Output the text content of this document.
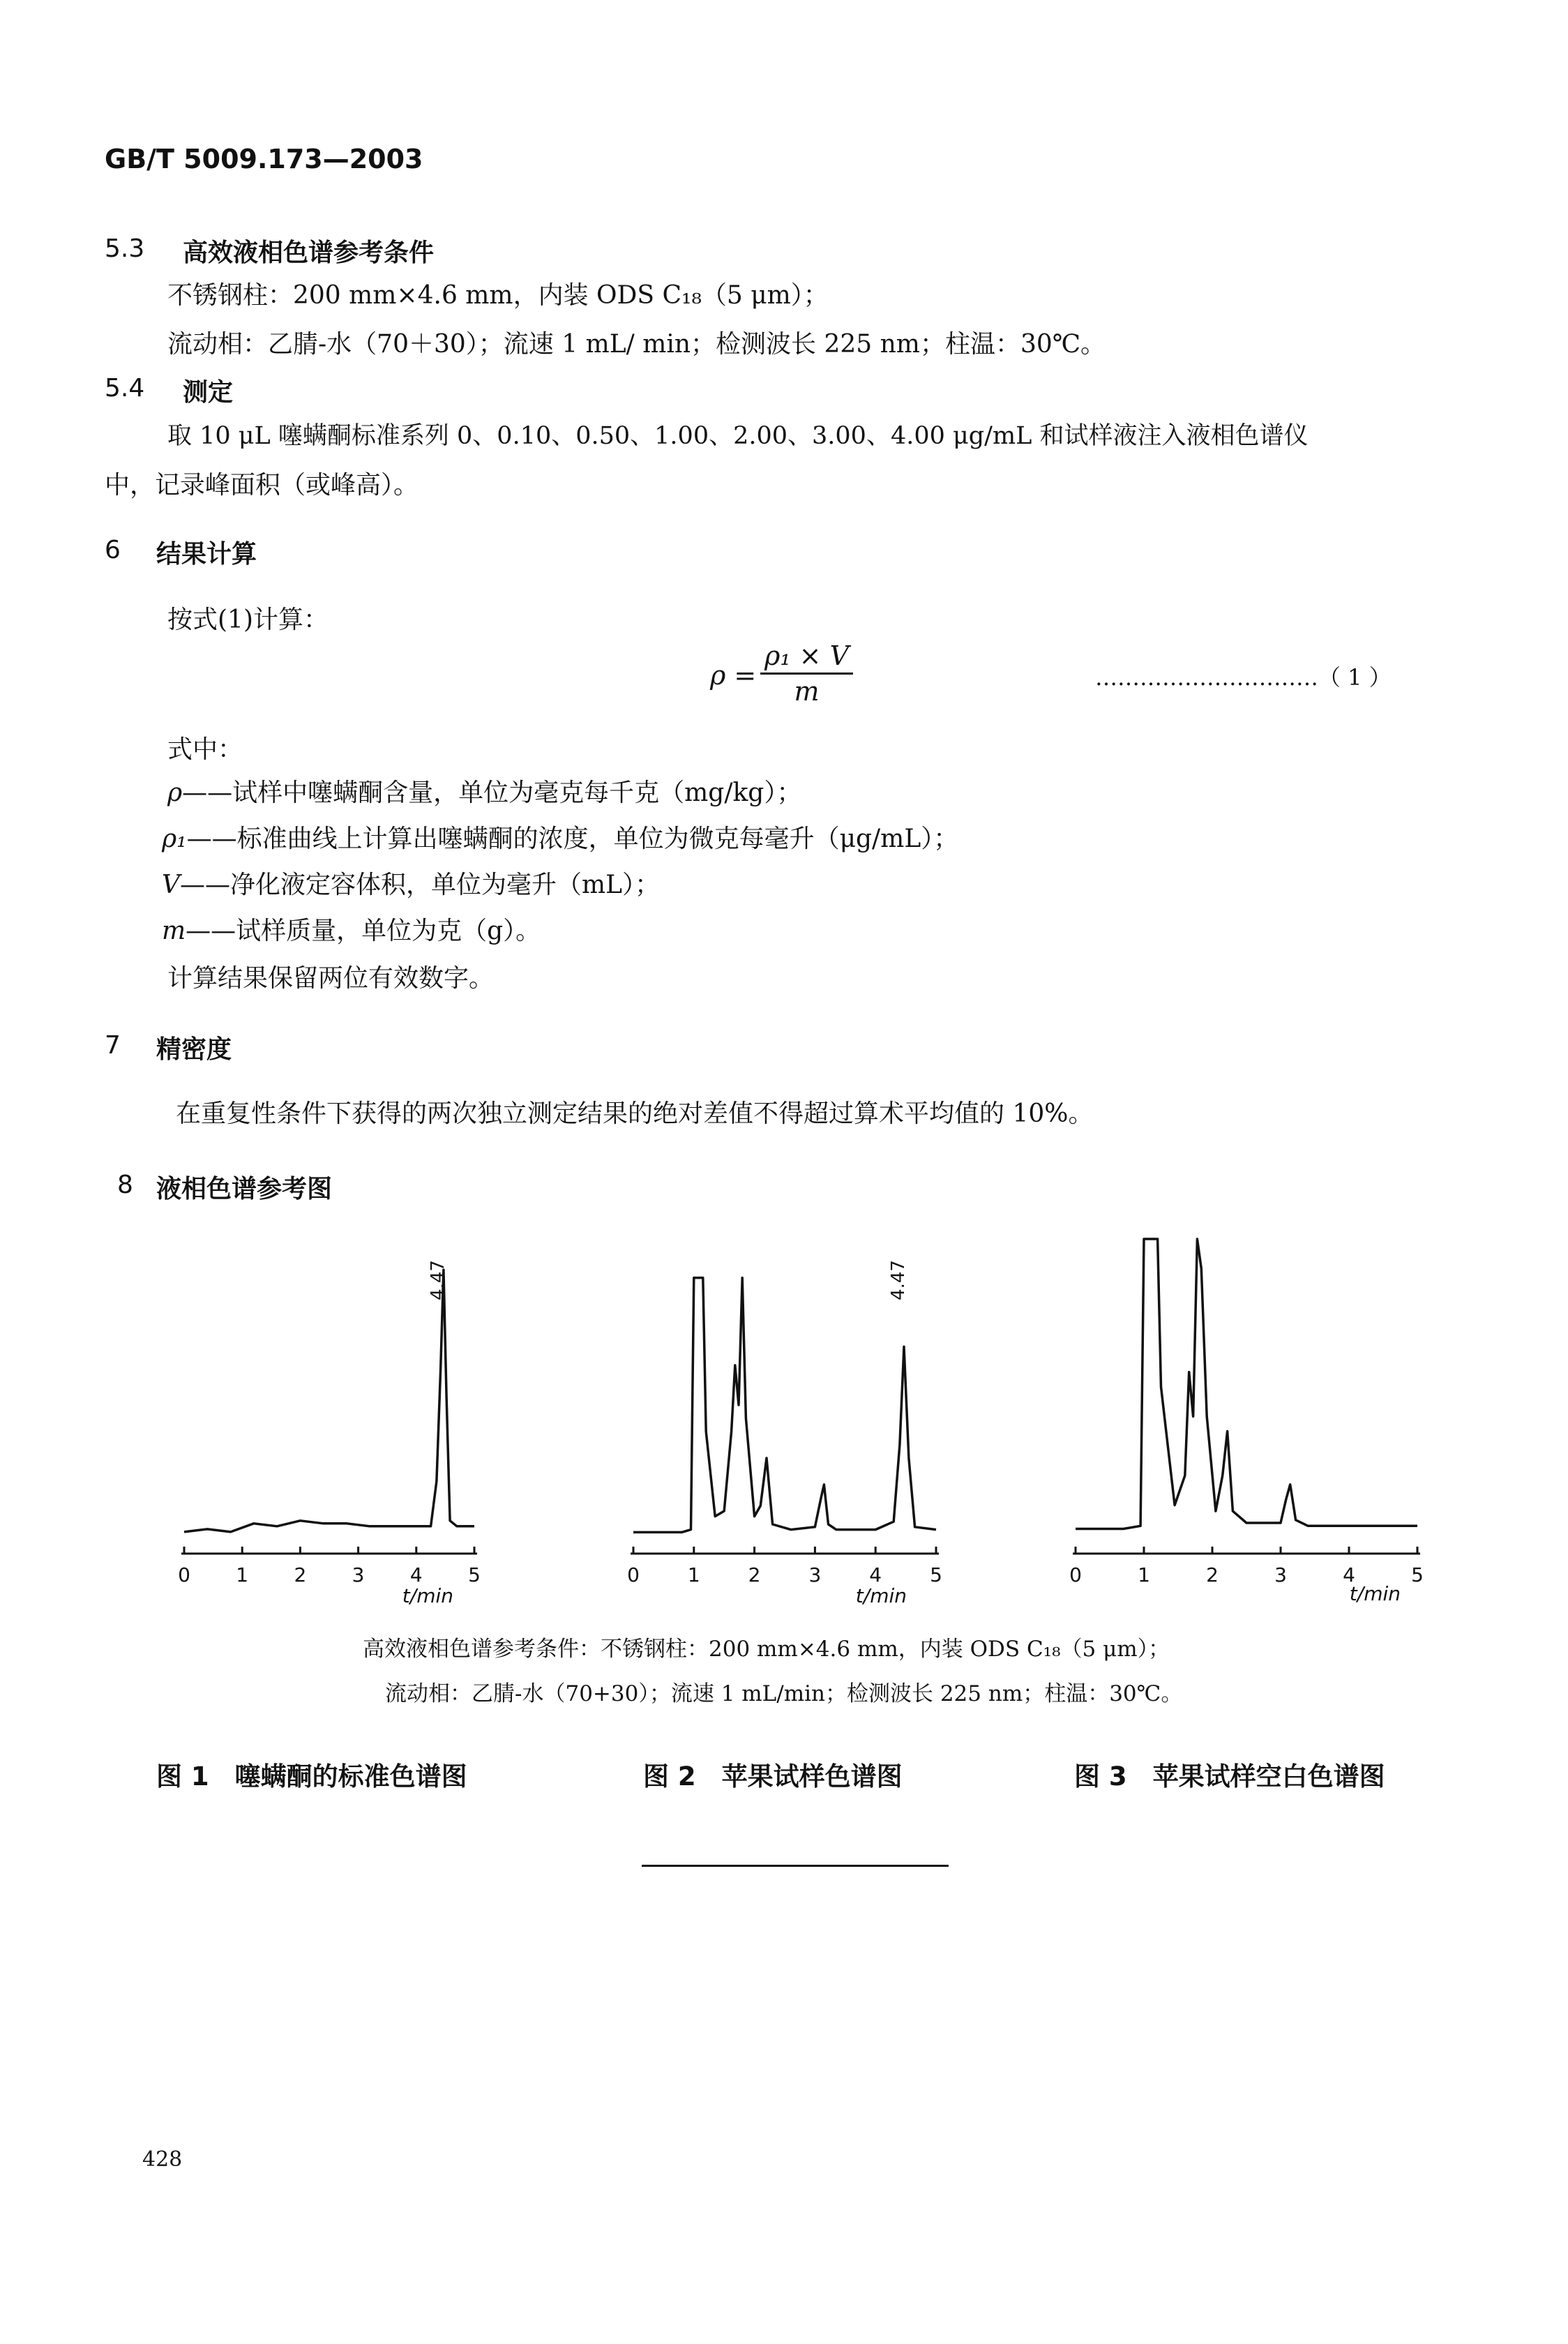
GB/T 5009.173—2003
5.3 高效液相色谱参考条件
不锈钢柱：200 mm×4.6 mm，内装 ODS C₁₈（5 μm）；
流动相：乙腈-水（70＋30）；流速 1 mL/ min；检测波长 225 nm；柱温：30℃。
5.4 测定
取 10 μL 噻螨酮标准系列 0、0.10、0.50、1.00、2.00、3.00、4.00 μg/mL 和试样液注入液相色谱仪
中，记录峰面积（或峰高）。
6 结果计算
按式(1)计算：
$\rho = \frac{\text{ρ₁ × V}}{m}$	…………………………（ 1 ）
式中：
ρ——试样中噻螨酮含量，单位为毫克每千克（mg/kg）；
ρ₁——标准曲线上计算出噻螨酮的浓度，单位为微克每毫升（μg/mL）；
V——净化液定容体积，单位为毫升（mL）；
m——试样质量，单位为克（g）。
计算结果保留两位有效数字。
7 精密度
在重复性条件下获得的两次独立测定结果的绝对差值不得超过算术平均值的 10%。
8 液相色谱参考图
0 1 2 3 4 5
t/min
4.47
0 1 2 3 4 5
t/min
4.47
0	1	2	3	4	5
t/min
高效液相色谱参考条件：不锈钢柱：200 mm×4.6 mm，内装 ODS C₁₈（5 μm）；
流动相：乙腈-水（70+30）；流速 1 mL/min；检测波长 225 nm；柱温：30℃。
图 1　噻螨酮的标准色谱图	图 2　苹果试样色谱图	图 3　苹果试样空白色谱图
428
